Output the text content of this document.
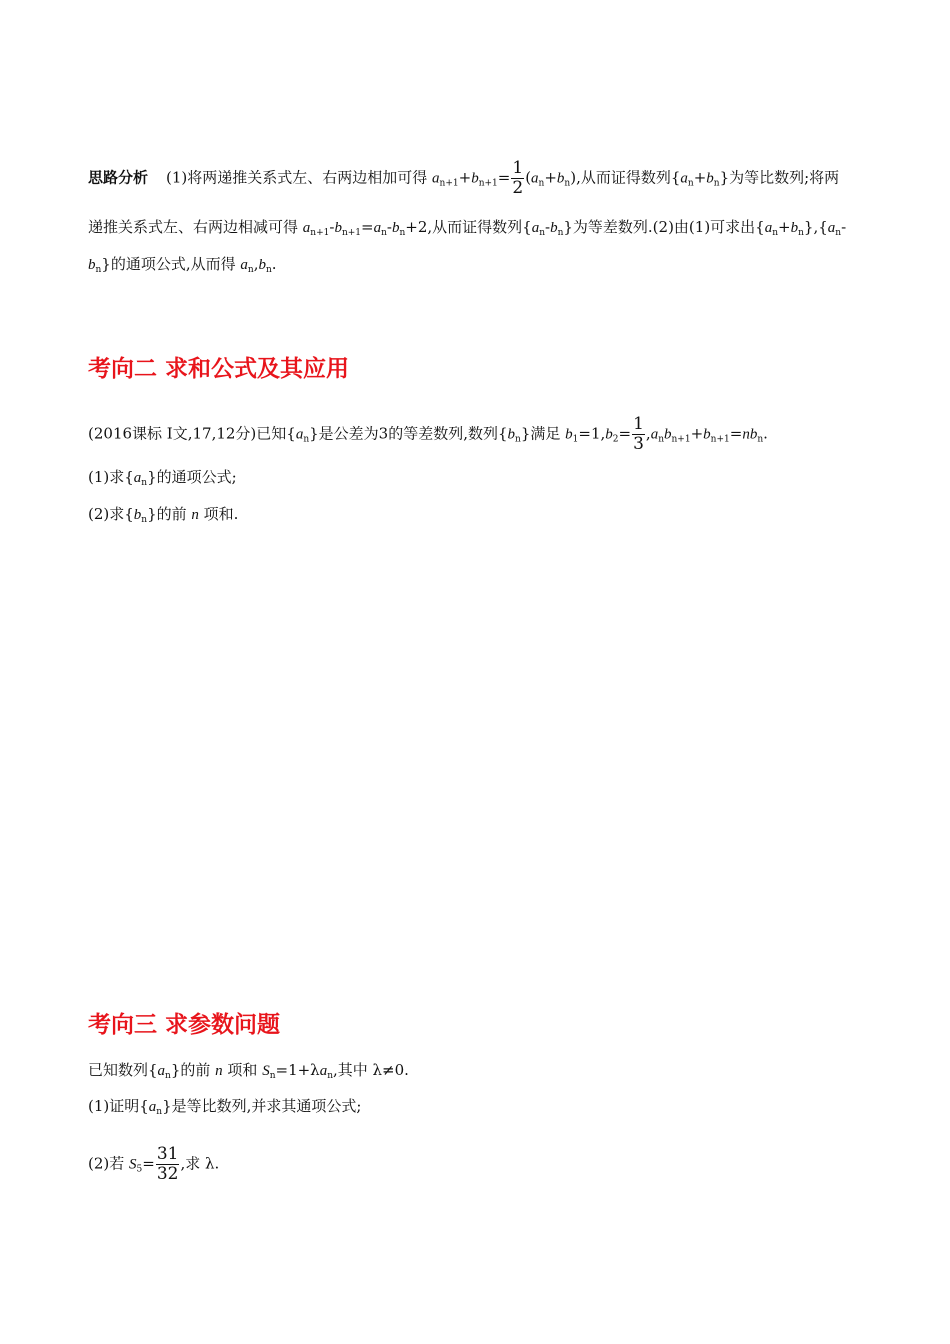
思路分析 (1)将两递推关系式左、右两边相加可得 $a_{n+1}+b_{n+1}= \frac{1}{2} (a_n+b_n)$,从而证得数列$\{a_n+b_n\}$为等比数列;将两
递推关系式左、右两边相减可得 $a_{n+1}-b_{n+1}=a_n-b_n+2$,从而证得数列$\{a_n-b_n\}$为等差数列.(2)由(1)可求出$\{a_n+b_n\},\{a_n-$
$b_n$}的通项公式,从而得 $a_n,b_n$.
考向二 求和公式及其应用
(2016课标 Ⅰ文,17,12分)已知$\{a_n\}$是公差为3的等差数列,数列$\{b_n\}$满足 $b_1=1,b_2= \frac{1}{3} ,a_nb_{n+1}+b_{n+1}=nb_n$.
(1)求$\{a_n\}$的通项公式;
(2)求$\{b_n\}$的前 n 项和.
考向三 求参数问题
已知数列$\{a_n\}$的前 n 项和 $S_n=1+\lambda a_n$,其中 λ≠0.
(1)证明$\{a_n\}$是等比数列,并求其通项公式;
(2)若 $S_5= \frac{31}{32}$ ,求 λ.
